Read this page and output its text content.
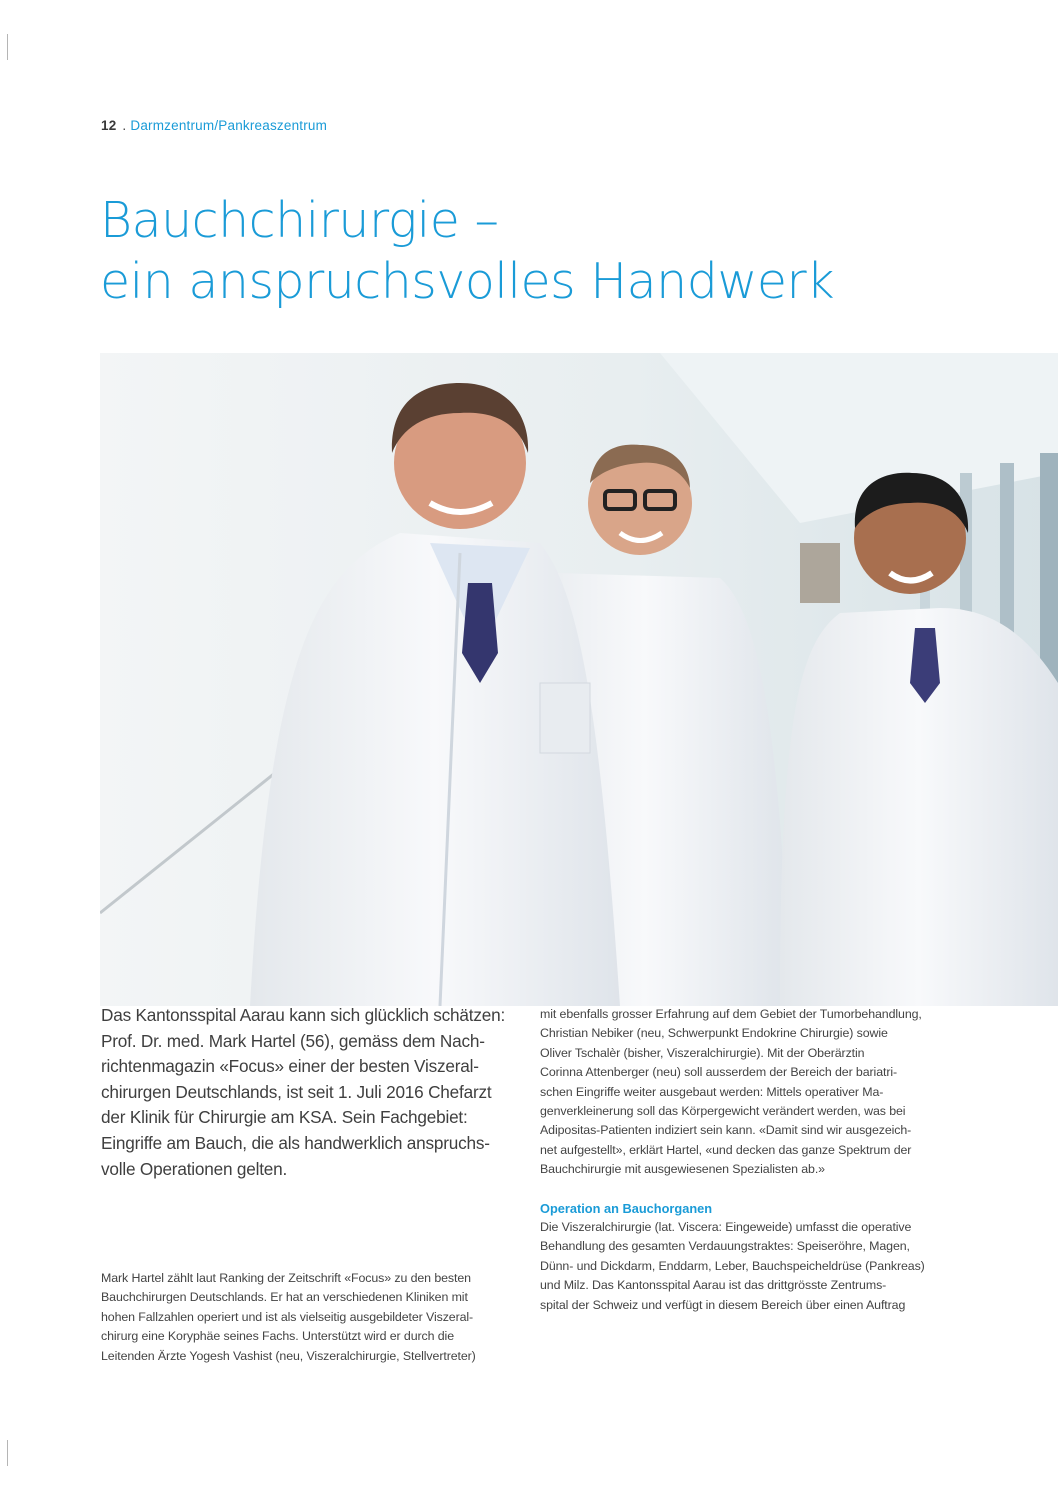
12 . Darmzentrum/Pankreaszentrum
Bauchchirurgie –
ein anspruchsvolles Handwerk

Das Kantonsspital Aarau kann sich glücklich schätzen:
Prof. Dr. med. Mark Hartel (56), gemäss dem Nach-
richtenmagazin «Focus» einer der besten Viszeral-
chirurgen Deutschlands, ist seit 1. Juli 2016 Chefarzt
der Klinik für Chirurgie am KSA. Sein Fachgebiet:
Eingriffe am Bauch, die als handwerklich anspruchs-
volle Operationen gelten.

Mark Hartel zählt laut Ranking der Zeitschrift «Focus» zu den besten
Bauchchirurgen Deutschlands. Er hat an verschiedenen Kliniken mit
hohen Fallzahlen operiert und ist als vielseitig ausgebildeter Viszeral-
chirurg eine Koryphäe seines Fachs. Unterstützt wird er durch die
Leitenden Ärzte Yogesh Vashist (neu, Viszeralchirurgie, Stellvertreter)

mit ebenfalls grosser Erfahrung auf dem Gebiet der Tumorbehandlung,
Christian Nebiker (neu, Schwerpunkt Endokrine Chirurgie) sowie
Oliver Tschalèr (bisher, Viszeralchirurgie). Mit der Oberärztin
Corinna Attenberger (neu) soll ausserdem der Bereich der bariatri-
schen Eingriffe weiter ausgebaut werden: Mittels operativer Ma-
genverkleinerung soll das Körpergewicht verändert werden, was bei
Adipositas-Patienten indiziert sein kann. «Damit sind wir ausgezeich-
net aufgestellt», erklärt Hartel, «und decken das ganze Spektrum der
Bauchchirurgie mit ausgewiesenen Spezialisten ab.»

Operation an Bauchorganen

Die Viszeralchirurgie (lat. Viscera: Eingeweide) umfasst die operative
Behandlung des gesamten Verdauungstraktes: Speiseröhre, Magen,
Dünn- und Dickdarm, Enddarm, Leber, Bauchspeicheldrüse (Pankreas)
und Milz. Das Kantonsspital Aarau ist das drittgrösste Zentrums-
spital der Schweiz und verfügt in diesem Bereich über einen Auftrag
